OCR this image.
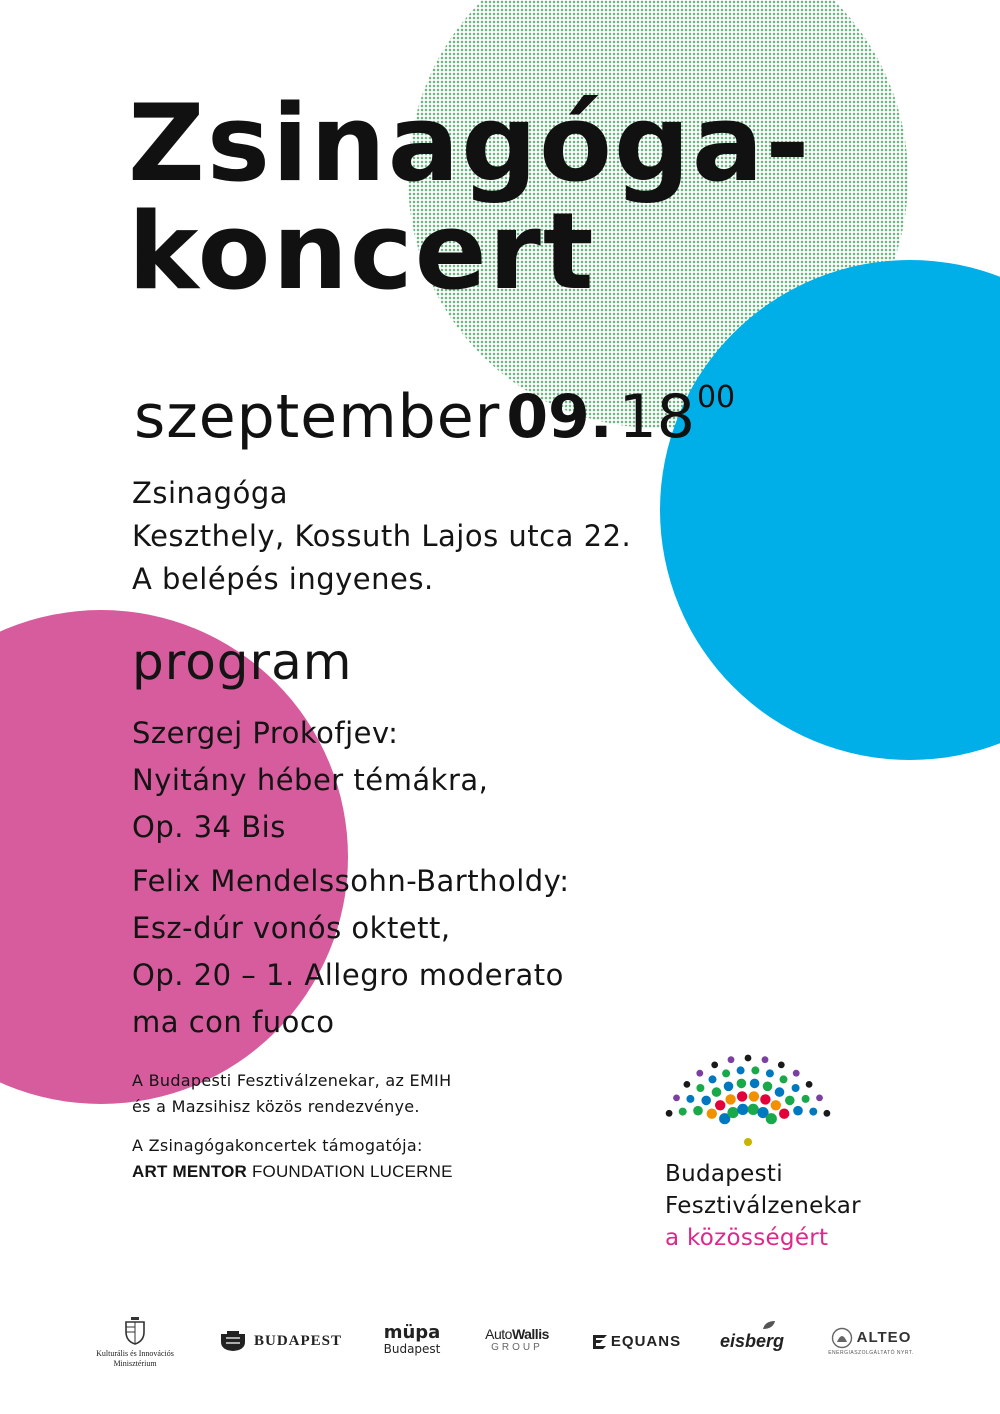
Zsinagóga-
koncert
szeptember 09. 1800
Zsinagóga
Keszthely, Kossuth Lajos utca 22.
A belépés ingyenes.
program
Szergej Prokofjev:
Nyitány héber témákra,
Op. 34 Bis
Felix Mendelssohn-Bartholdy:
Esz-dúr vonós oktett,
Op. 20 – 1. Allegro moderato
ma con fuoco
A Budapesti Fesztiválzenekar, az EMIH
és a Mazsihisz közös rendezvénye.
A Zsinagógakoncertek támogatója:
ART MENTOR FOUNDATION LUCERNE	Budapesti
Fesztiválzenekar
a közösségért
Kulturális és Innovációs
Minisztérium
BUDAPEST müpa
Budapest
AutoWallis
GROUP	EQUANS eisberg	ALTEO
ENERGIASZOLGÁLTATÓ NYRT.
